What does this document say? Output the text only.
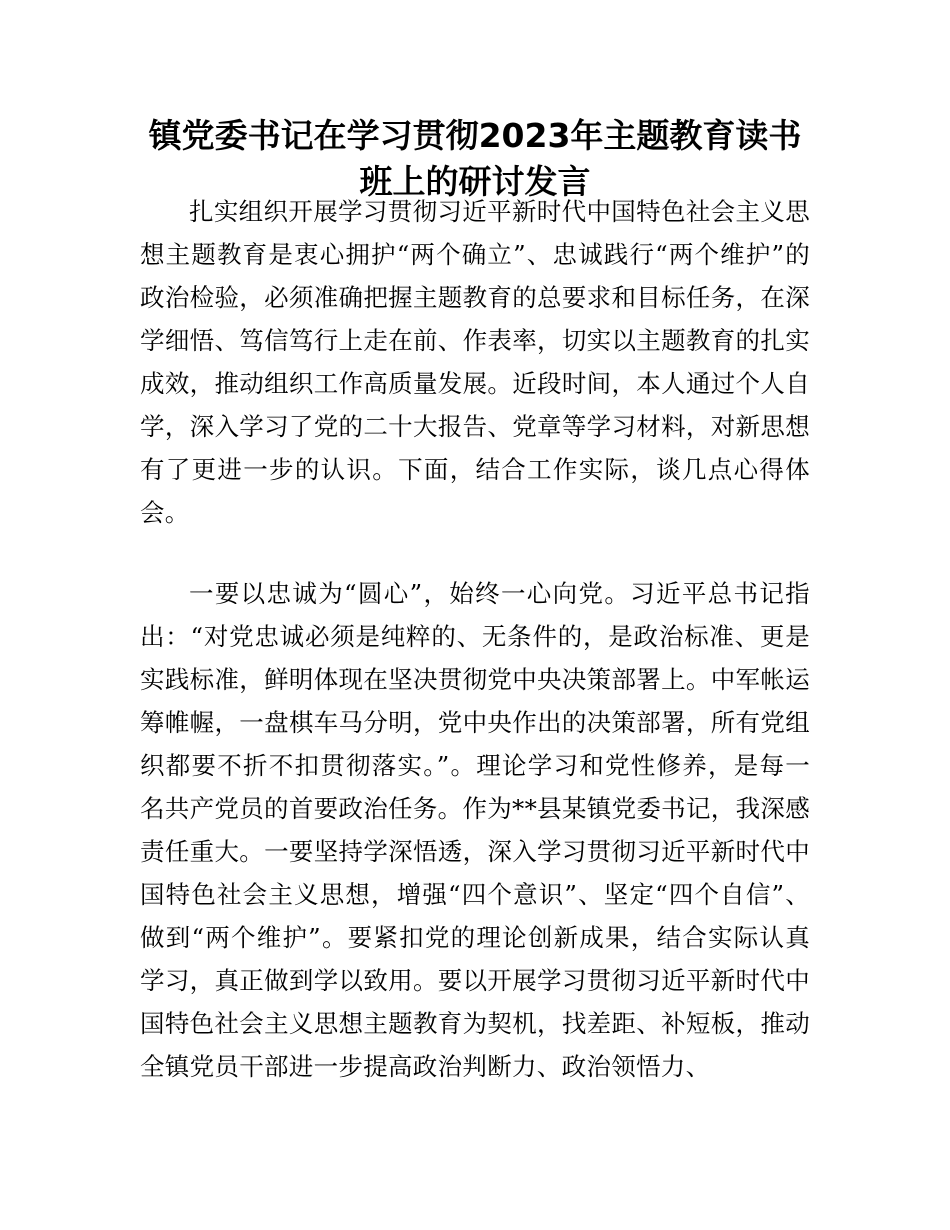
镇党委书记在学习贯彻2023年主题教育读书班上的研讨发言

扎实组织开展学习贯彻习近平新时代中国特色社会主义思想主题教育是衷心拥护“两个确立”、忠诚践行“两个维护”的政治检验，必须准确把握主题教育的总要求和目标任务，在深学细悟、笃信笃行上走在前、作表率，切实以主题教育的扎实成效，推动组织工作高质量发展。近段时间，本人通过个人自学，深入学习了党的二十大报告、党章等学习材料，对新思想有了更进一步的认识。下面，结合工作实际，谈几点心得体会。

一要以忠诚为“圆心”，始终一心向党。习近平总书记指出：“对党忠诚必须是纯粹的、无条件的，是政治标准、更是实践标准，鲜明体现在坚决贯彻党中央决策部署上。中军帐运筹帷幄，一盘棋车马分明，党中央作出的决策部署，所有党组织都要不折不扣贯彻落实。”。理论学习和党性修养，是每一名共产党员的首要政治任务。作为**县某镇党委书记，我深感责任重大。一要坚持学深悟透，深入学习贯彻习近平新时代中国特色社会主义思想，增强“四个意识”、坚定“四个自信”、做到“两个维护”。要紧扣党的理论创新成果，结合实际认真学习，真正做到学以致用。要以开展学习贯彻习近平新时代中国特色社会主义思想主题教育为契机，找差距、补短板，推动全镇党员干部进一步提高政治判断力、政治领悟力、
